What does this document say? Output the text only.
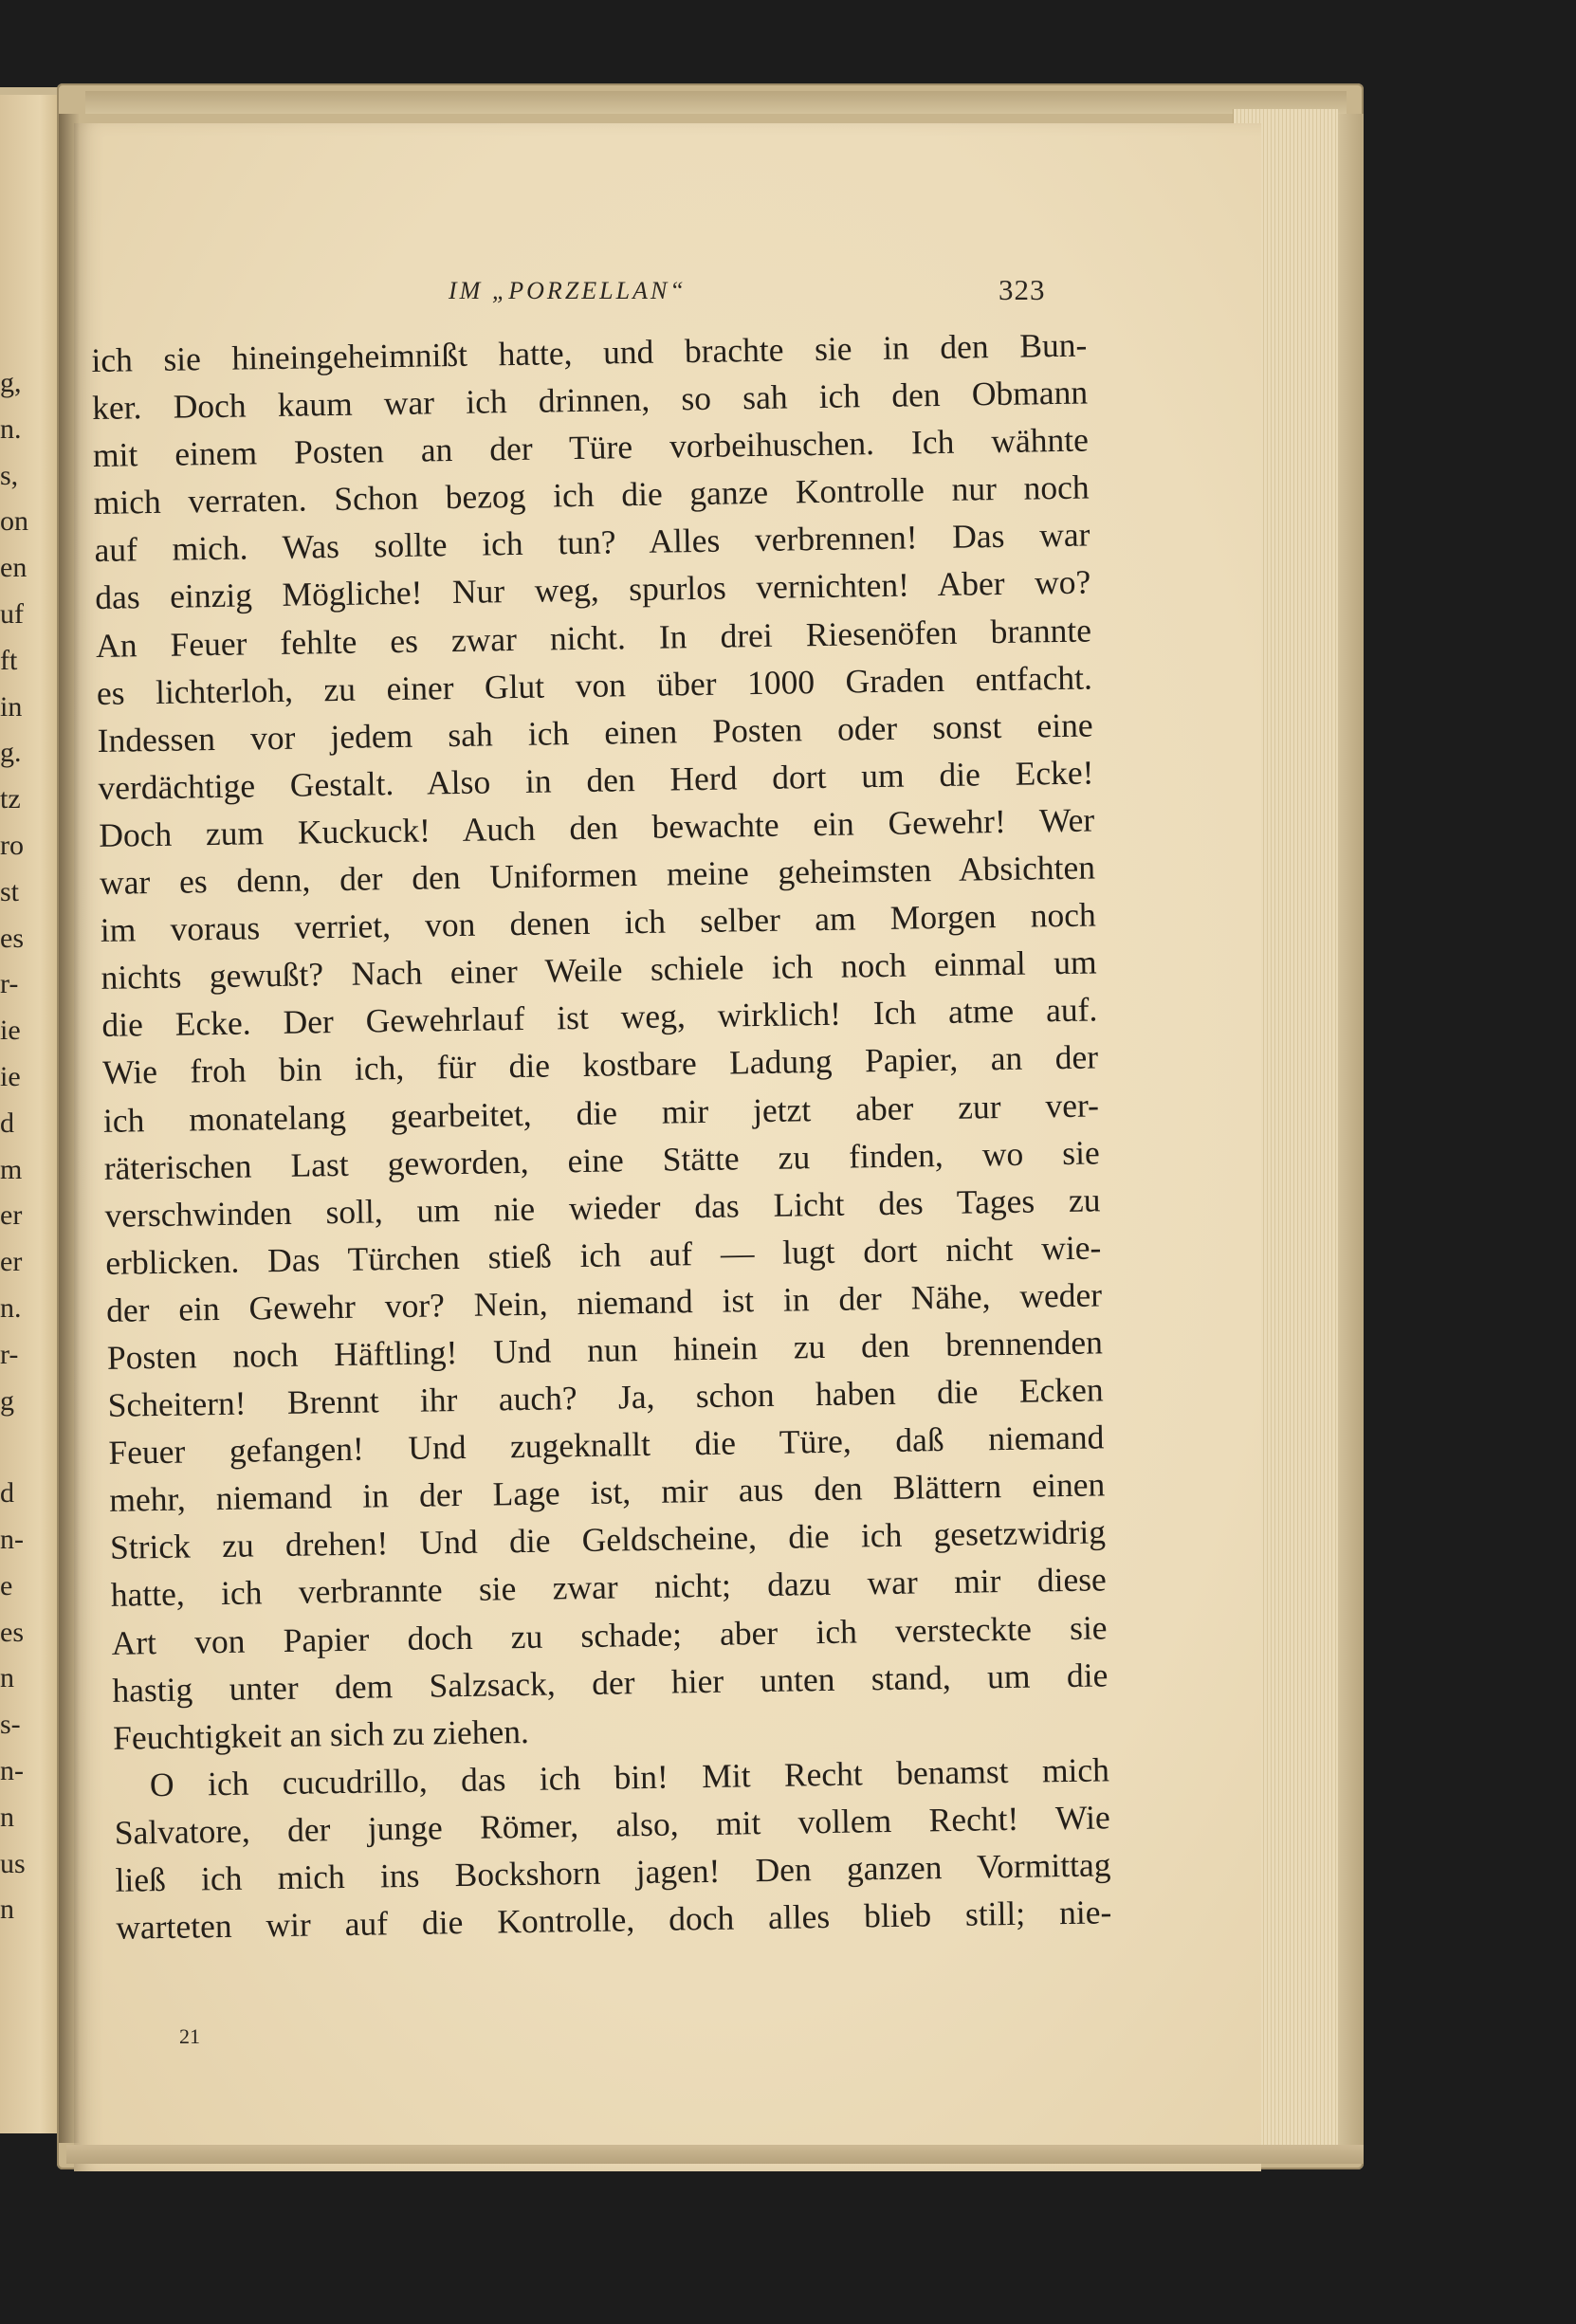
g,
n.
s,
on
en
uf
ft
in
g.
tz
ro
st
es
r-
ie
ie
d
m
er
er
n.
r-
g
d
n-
e
es
n
s-
n-
n
us
n
IM „PORZELLAN“	323
ich sie hineingeheimnißt hatte, und brachte sie in den Bun-
ker. Doch kaum war ich drinnen, so sah ich den Obmann
mit einem Posten an der Türe vorbeihuschen. Ich wähnte
mich verraten. Schon bezog ich die ganze Kontrolle nur noch
auf mich. Was sollte ich tun? Alles verbrennen! Das war
das einzig Mögliche! Nur weg, spurlos vernichten! Aber wo?
An Feuer fehlte es zwar nicht. In drei Riesenöfen brannte
es lichterloh, zu einer Glut von über 1000 Graden entfacht.
Indessen vor jedem sah ich einen Posten oder sonst eine
verdächtige Gestalt. Also in den Herd dort um die Ecke!
Doch zum Kuckuck! Auch den bewachte ein Gewehr! Wer
war es denn, der den Uniformen meine geheimsten Absichten
im voraus verriet, von denen ich selber am Morgen noch
nichts gewußt? Nach einer Weile schiele ich noch einmal um
die Ecke. Der Gewehrlauf ist weg, wirklich! Ich atme auf.
Wie froh bin ich, für die kostbare Ladung Papier, an der
ich monatelang gearbeitet, die mir jetzt aber zur ver-
räterischen Last geworden, eine Stätte zu finden, wo sie
verschwinden soll, um nie wieder das Licht des Tages zu
erblicken. Das Türchen stieß ich auf — lugt dort nicht wie-
der ein Gewehr vor? Nein, niemand ist in der Nähe, weder
Posten noch Häftling! Und nun hinein zu den brennenden
Scheitern! Brennt ihr auch? Ja, schon haben die Ecken
Feuer gefangen! Und zugeknallt die Türe, daß niemand
mehr, niemand in der Lage ist, mir aus den Blättern einen
Strick zu drehen! Und die Geldscheine, die ich gesetzwidrig
hatte, ich verbrannte sie zwar nicht; dazu war mir diese
Art von Papier doch zu schade; aber ich versteckte sie
hastig unter dem Salzsack, der hier unten stand, um die
Feuchtigkeit an sich zu ziehen.
O ich cucudrillo, das ich bin! Mit Recht benamst mich
Salvatore, der junge Römer, also, mit vollem Recht! Wie
ließ ich mich ins Bockshorn jagen! Den ganzen Vormittag
warteten wir auf die Kontrolle, doch alles blieb still; nie-
21
